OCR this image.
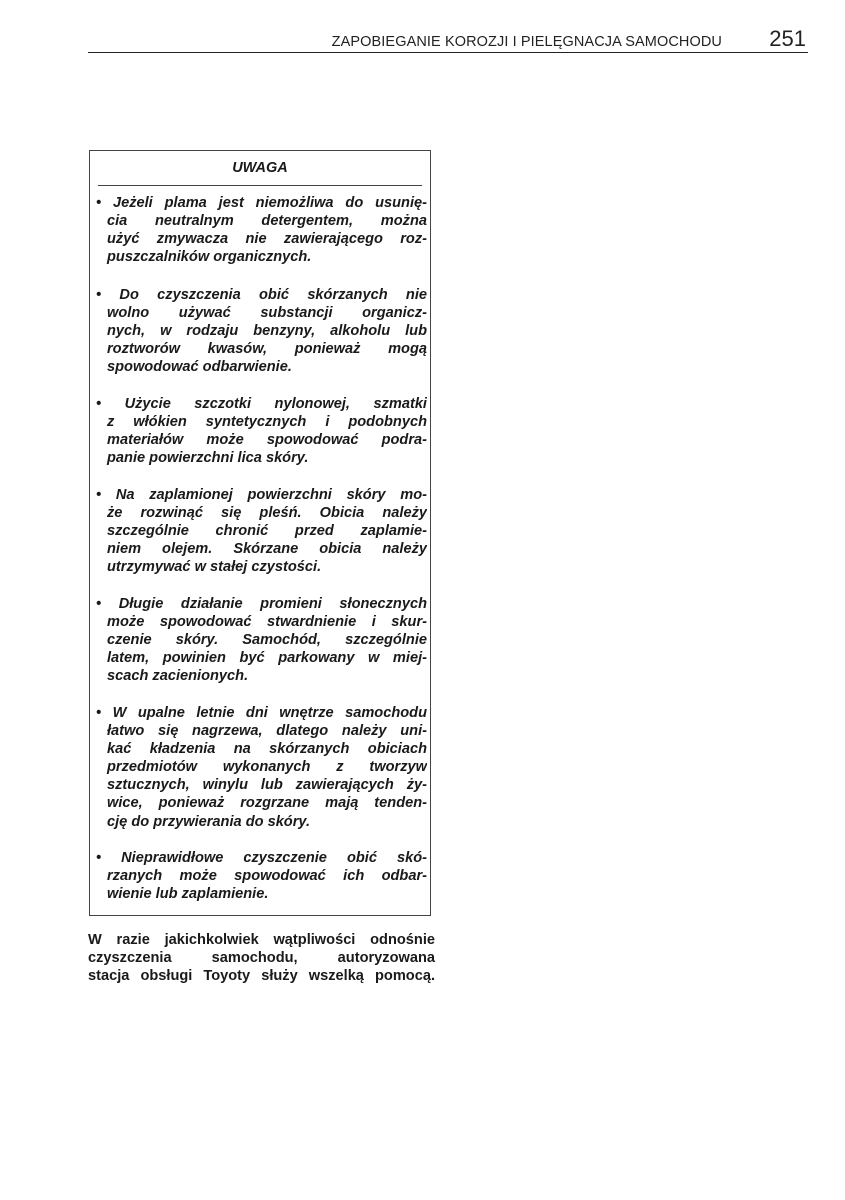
ZAPOBIEGANIE KOROZJI I PIELĘGNACJA SAMOCHODU 251
UWAGA
• Jeżeli plama jest niemożliwa do usunię-
cia neutralnym detergentem, można
użyć zmywacza nie zawierającego roz-
puszczalników organicznych.
• Do czyszczenia obić skórzanych nie
wolno używać substancji organicz-
nych, w rodzaju benzyny, alkoholu lub
roztworów kwasów, ponieważ mogą
spowodować odbarwienie.
• Użycie szczotki nylonowej, szmatki
z włókien syntetycznych i podobnych
materiałów może spowodować podra-
panie powierzchni lica skóry.
• Na zaplamionej powierzchni skóry mo-
że rozwinąć się pleśń. Obicia należy
szczególnie chronić przed zaplamie-
niem olejem. Skórzane obicia należy
utrzymywać w stałej czystości.
• Długie działanie promieni słonecznych
może spowodować stwardnienie i skur-
czenie skóry. Samochód, szczególnie
latem, powinien być parkowany w miej-
scach zacienionych.
• W upalne letnie dni wnętrze samochodu
łatwo się nagrzewa, dlatego należy uni-
kać kładzenia na skórzanych obiciach
przedmiotów wykonanych z tworzyw
sztucznych, winylu lub zawierających ży-
wice, ponieważ rozgrzane mają tenden-
cję do przywierania do skóry.
• Nieprawidłowe czyszczenie obić skó-
rzanych może spowodować ich odbar-
wienie lub zaplamienie.
W razie jakichkolwiek wątpliwości odnośnie
czyszczenia samochodu, autoryzowana
stacja obsługi Toyoty służy wszelką pomocą.
